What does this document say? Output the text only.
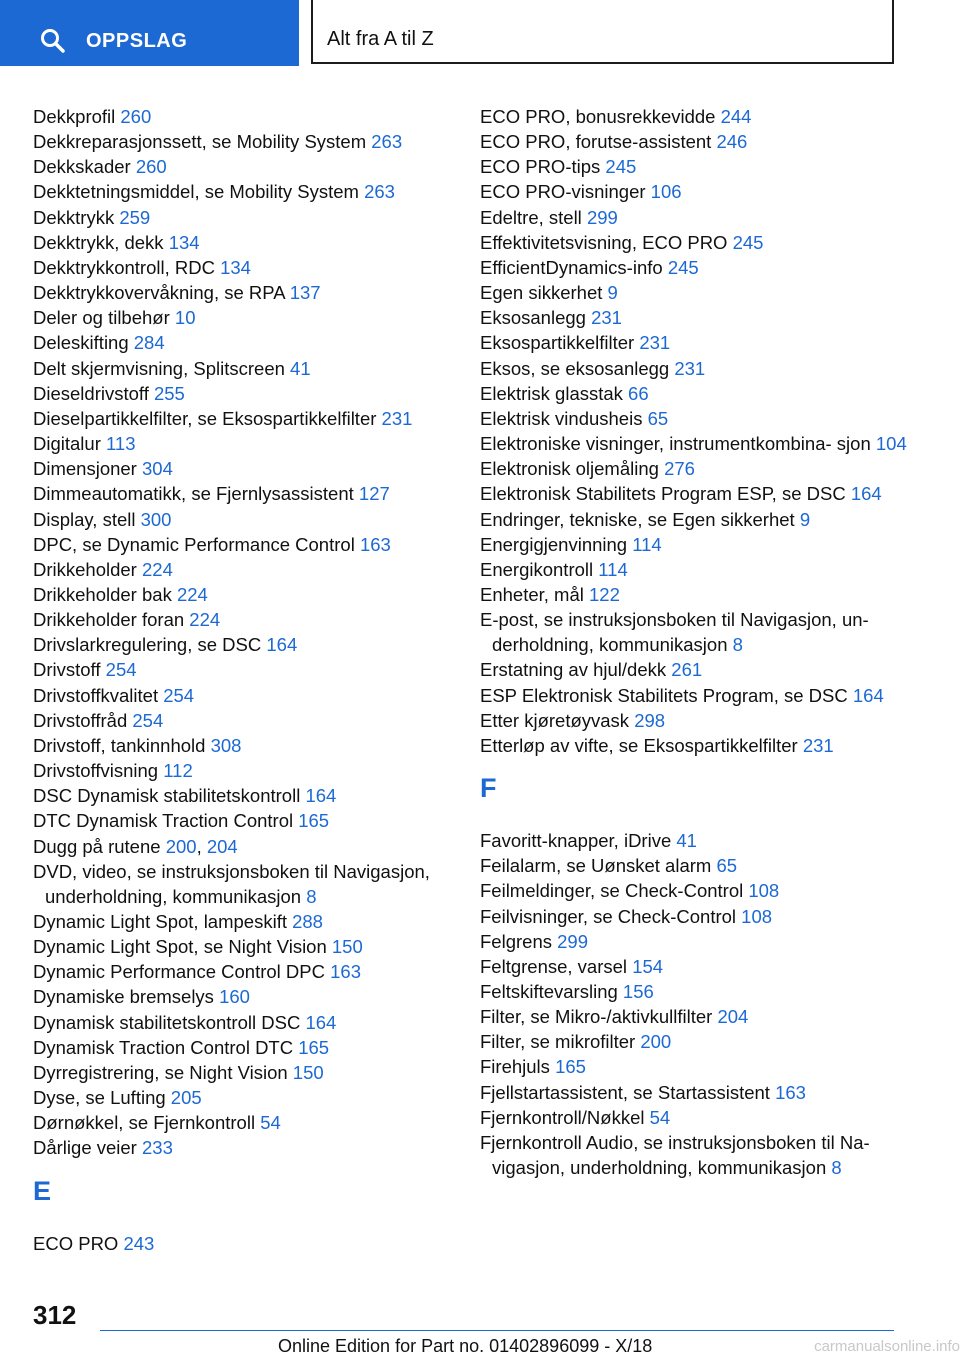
OPPSLAG	Alt fra A til Z
Dekkprofil 260
Dekkreparasjonssett, se Mobility System 263
Dekkskader 260
Dekktetningsmiddel, se Mobility System 263
Dekktrykk 259
Dekktrykk, dekk 134
Dekktrykkontroll, RDC 134
Dekktrykkovervåkning, se RPA 137
Deler og tilbehør 10
Deleskifting 284
Delt skjermvisning, Splitscreen 41
Dieseldrivstoff 255
Dieselpartikkelfilter, se Eksospartikkelfilter 231
Digitalur 113
Dimensjoner 304
Dimmeautomatikk, se Fjernlysassistent 127
Display, stell 300
DPC, se Dynamic Performance Control 163
Drikkeholder 224
Drikkeholder bak 224
Drikkeholder foran 224
Drivslarkregulering, se DSC 164
Drivstoff 254
Drivstoffkvalitet 254
Drivstoffråd 254
Drivstoff, tankinnhold 308
Drivstoffvisning 112
DSC Dynamisk stabilitetskontroll 164
DTC Dynamisk Traction Control 165
Dugg på rutene 200, 204
DVD, video, se instruksjonsboken til Navigasjon, underholdning, kommunikasjon 8
Dynamic Light Spot, lampeskift 288
Dynamic Light Spot, se Night Vision 150
Dynamic Performance Control DPC 163
Dynamiske bremselys 160
Dynamisk stabilitetskontroll DSC 164
Dynamisk Traction Control DTC 165
Dyrregistrering, se Night Vision 150
Dyse, se Lufting 205
Dørnøkkel, se Fjernkontroll 54
Dårlige veier 233
E
ECO PRO 243
ECO PRO, bonusrekkevidde 244
ECO PRO, forutse-assistent 246
ECO PRO-tips 245
ECO PRO-visninger 106
Edeltre, stell 299
Effektivitetsvisning, ECO PRO 245
EfficientDynamics-info 245
Egen sikkerhet 9
Eksosanlegg 231
Eksospartikkelfilter 231
Eksos, se eksosanlegg 231
Elektrisk glasstak 66
Elektrisk vindusheis 65
Elektroniske visninger, instrumentkombina‐ sjon 104
Elektronisk oljemåling 276
Elektronisk Stabilitets Program ESP, se DSC 164
Endringer, tekniske, se Egen sikkerhet 9
Energigjenvinning 114
Energikontroll 114
Enheter, mål 122
E-post, se instruksjonsboken til Navigasjon, un‐ derholdning, kommunikasjon 8
Erstatning av hjul/dekk 261
ESP Elektronisk Stabilitets Program, se DSC 164
Etter kjøretøyvask 298
Etterløp av vifte, se Eksospartikkelfilter 231
F
Favoritt-knapper, iDrive 41
Feilalarm, se Uønsket alarm 65
Feilmeldinger, se Check-Control 108
Feilvisninger, se Check-Control 108
Felgrens 299
Feltgrense, varsel 154
Feltskiftevarsling 156
Filter, se Mikro-/aktivkullfilter 204
Filter, se mikrofilter 200
Firehjuls 165
Fjellstartassistent, se Startassistent 163
Fjernkontroll/Nøkkel 54
Fjernkontroll Audio, se instruksjonsboken til Na‐ vigasjon, underholdning, kommunikasjon 8
312
Online Edition for Part no. 01402896099 - X/18	carmanualsonline.info
